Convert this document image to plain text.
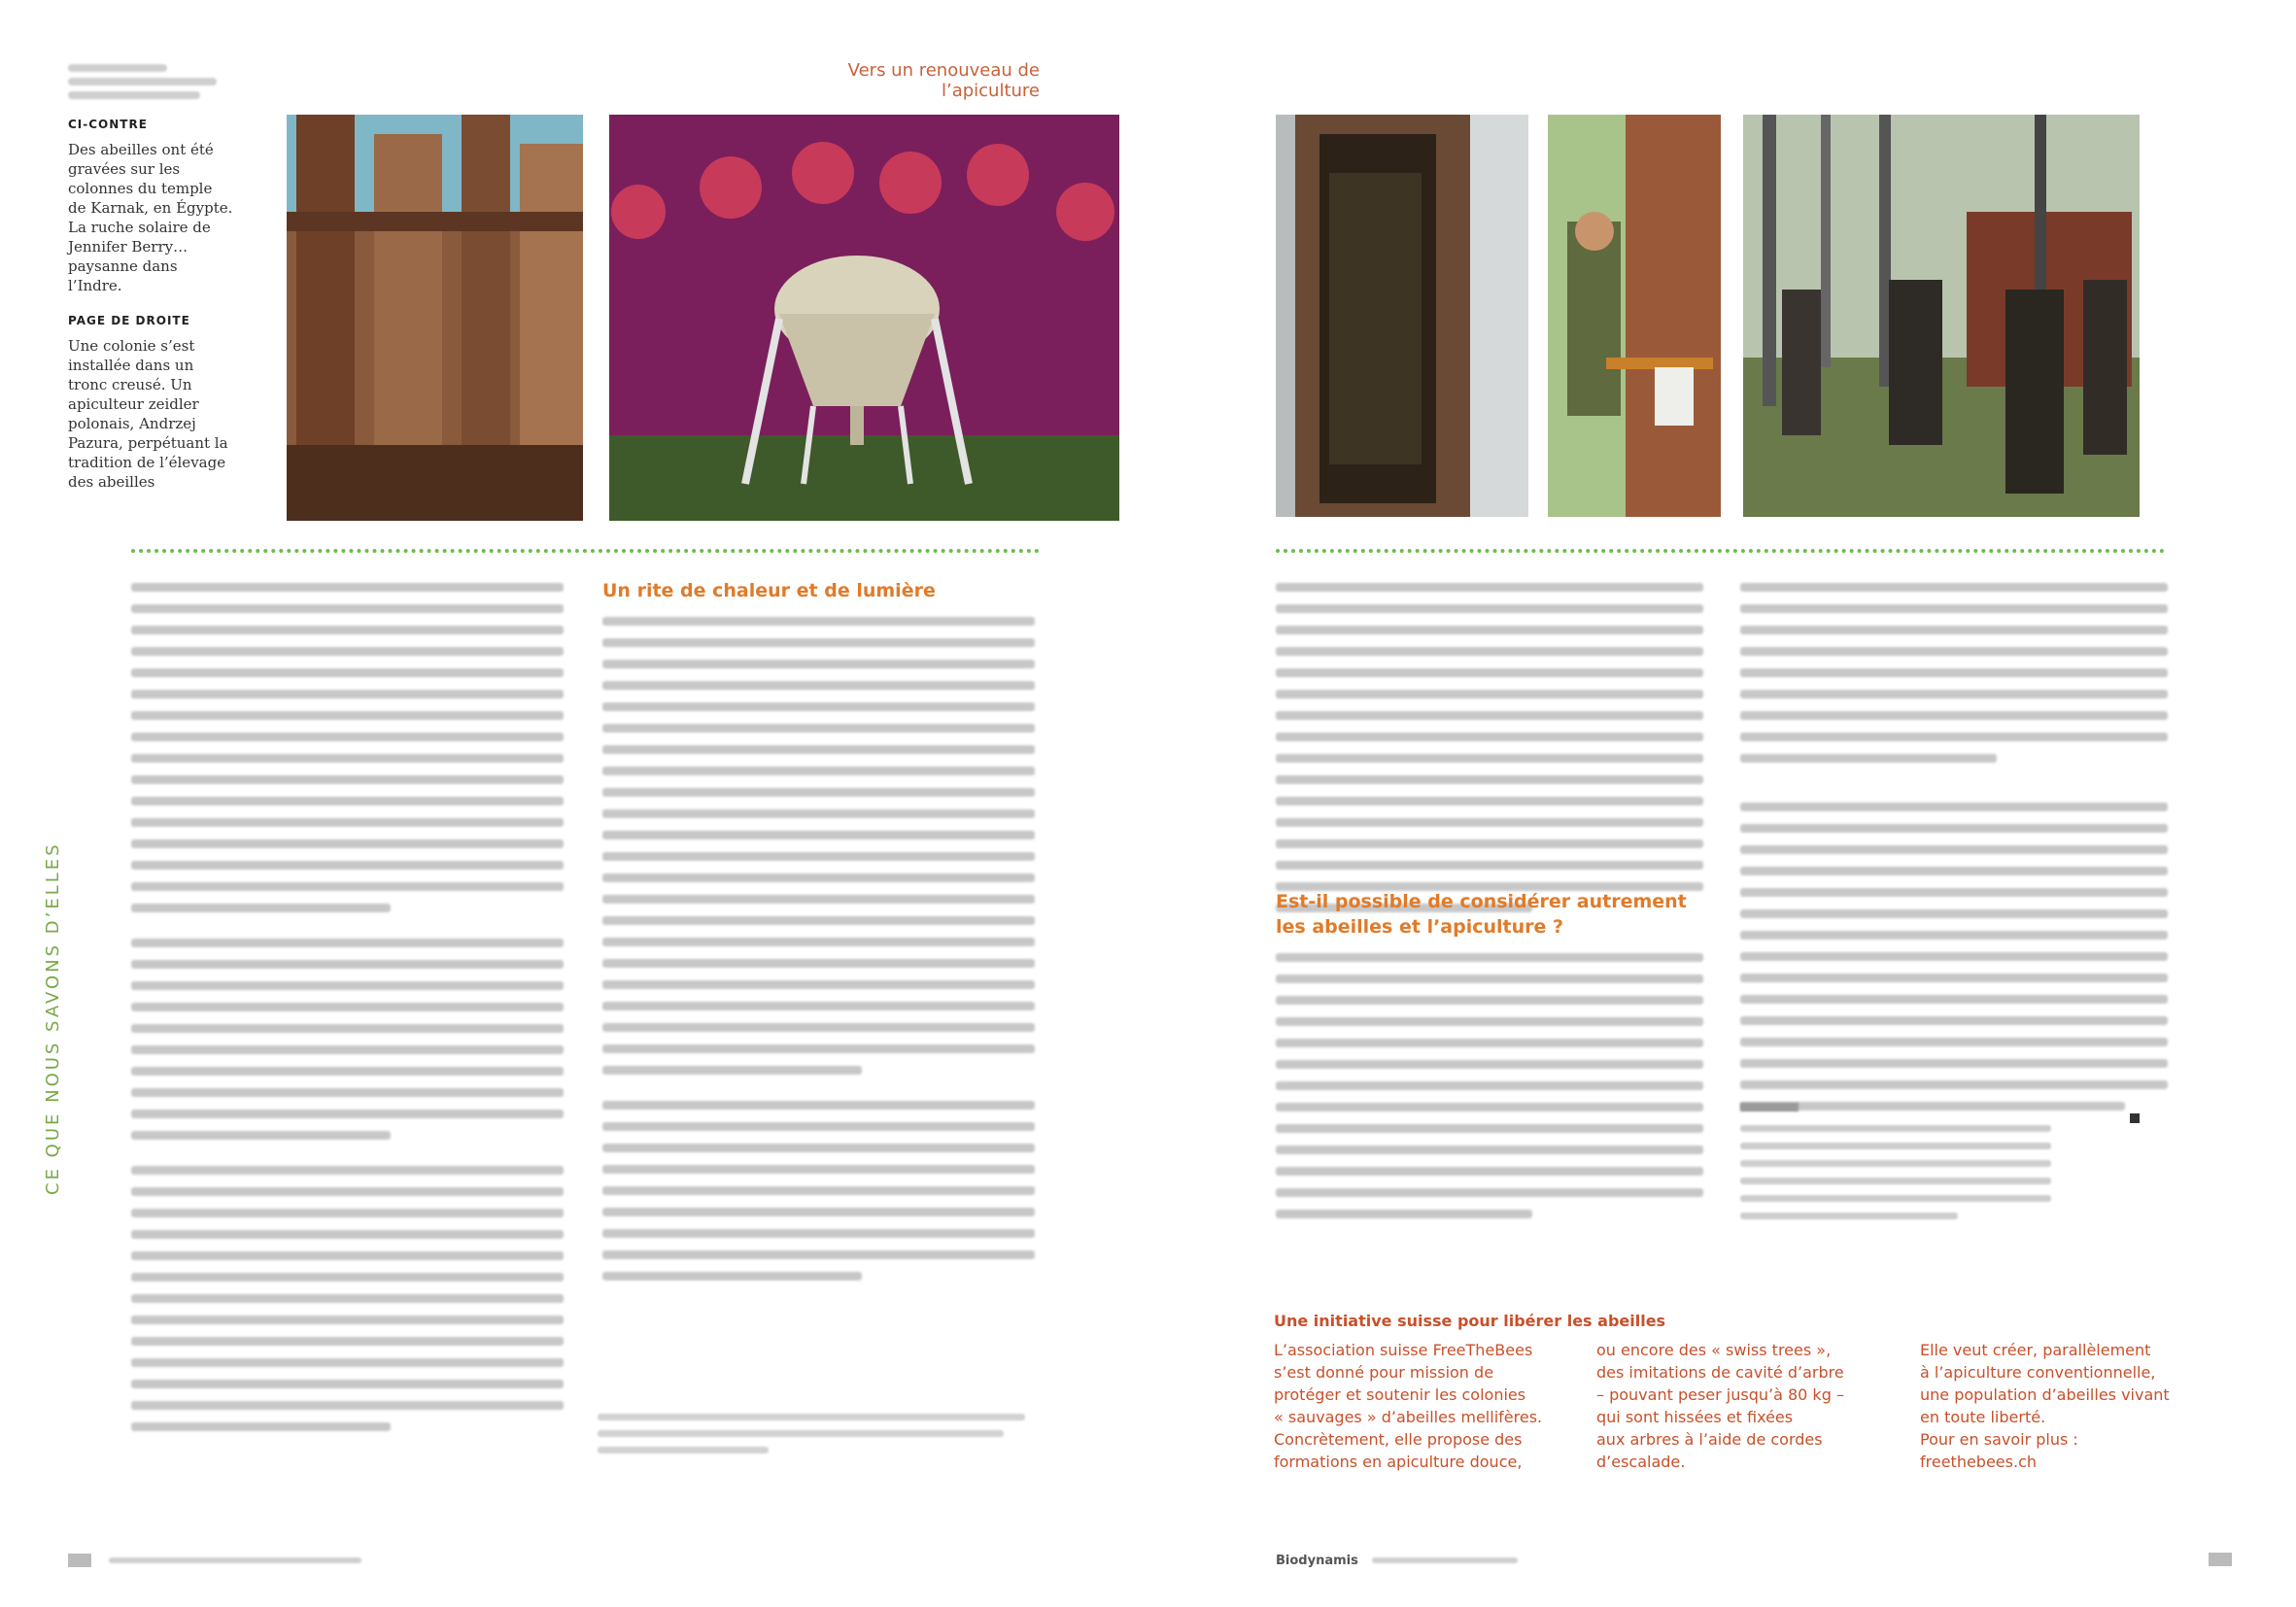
Vers un renouveau de l’apiculture
CI-CONTRE
Des abeilles ont été gravées sur les colonnes du temple de Karnak, en Égypte. La ruche solaire de Jennifer Berry… paysanne dans l’Indre.
PAGE DE DROITE
Une colonie s’est installée dans un tronc creusé. Un apiculteur zeidler polonais, Andrzej Pazura, perpétuant la tradition de l’élevage des abeilles
Un rite de chaleur et de lumière
CE QUE NOUS SAVONS D’ELLES
	Est-il possible de considérer autrement
les abeilles et l’apiculture ?

Une initiative suisse pour libérer les abeilles
L’association suisse FreeTheBees
s’est donné pour mission de
protéger et soutenir les colonies
« sauvages » d’abeilles mellifères.
Concrètement, elle propose des
formations en apiculture douce,
ou encore des « swiss trees »,
des imitations de cavité d’arbre
– pouvant peser jusqu’à 80 kg –
qui sont hissées et fixées
aux arbres à l’aide de cordes
d’escalade.
Elle veut créer, parallèlement
à l’apiculture conventionnelle,
une population d’abeilles vivant
en toute liberté.
Pour en savoir plus :
freethebees.ch
Biodynamis
